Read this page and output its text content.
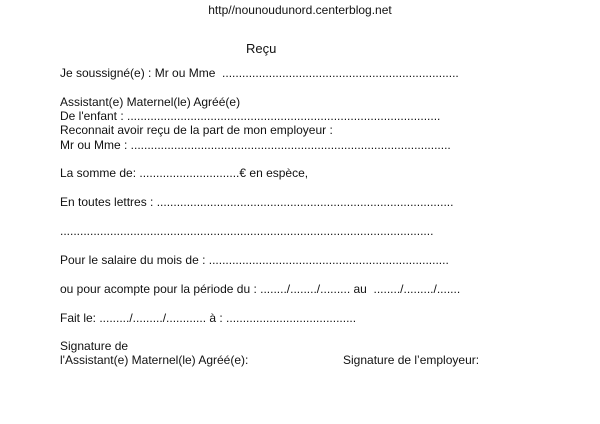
http//nounoudunord.centerblog.net
Reçu
Je soussigné(e) : Mr ou Mme  .......................................................................
Assistant(e) Maternel(le) Agréé(e)
De l'enfant : ..............................................................................................
Reconnait avoir reçu de la part de mon employeur :
Mr ou Mme : ................................................................................................
La somme de: ..............................€ en espèce,
En toutes lettres : .........................................................................................
................................................................................................................
Pour le salaire du mois de : ........................................................................
ou pour acompte pour la période du : ......../......../......... au  ......../........./.......
Fait le: ........./........./............ à : .......................................
Signature de
l'Assistant(e) Maternel(le) Agréé(e):	Signature de l’employeur:
